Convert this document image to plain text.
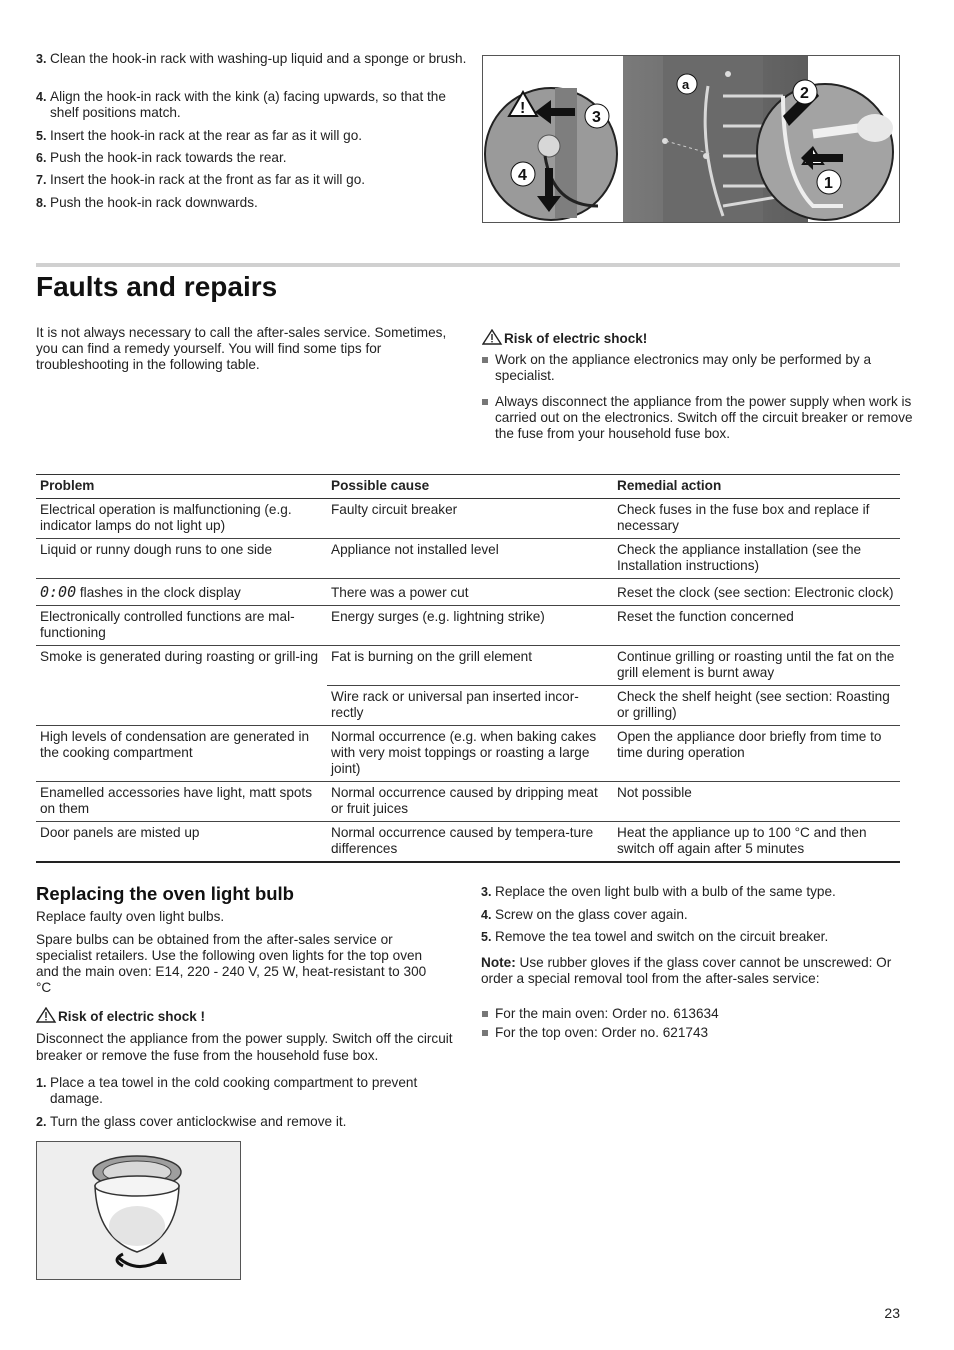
3. Clean the hook-in rack with washing-up liquid and a sponge or brush.
4. Align the hook-in rack with the kink (a) facing upwards, so that the shelf positions match.
5. Insert the hook-in rack at the rear as far as it will go.
6. Push the hook-in rack towards the rear.
7. Insert the hook-in rack at the front as far as it will go.
8. Push the hook-in rack downwards.
!
3
4
2
1
a
Faults and repairs
It is not always necessary to call the after-sales service. Sometimes, you can find a remedy yourself. You will find some tips for troubleshooting in the following table.
Risk of electric shock!
Work on the appliance electronics may only be performed by a specialist.
Always disconnect the appliance from the power supply when work is carried out on the electronics. Switch off the circuit breaker or remove the fuse from your household fuse box.
Problem	Possible cause	Remedial action
Electrical operation is malfunctioning (e.g. indicator lamps do not light up)	Faulty circuit breaker	Check fuses in the fuse box and replace if necessary
Liquid or runny dough runs to one side	Appliance not installed level	Check the appliance installation (see the Installation instructions)
0:00 flashes in the clock display	There was a power cut	Reset the clock (see section: Electronic clock)
Electronically controlled functions are mal-functioning	Energy surges (e.g. lightning strike)	Reset the function concerned
Smoke is generated during roasting or grill-ing	Fat is burning on the grill element	Continue grilling or roasting until the fat on the grill element is burnt away
	Wire rack or universal pan inserted incor-rectly	Check the shelf height (see section: Roasting or grilling)
High levels of condensation are generated in the cooking compartment	Normal occurrence (e.g. when baking cakes with very moist toppings or roasting a large joint)	Open the appliance door briefly from time to time during operation
Enamelled accessories have light, matt spots on them	Normal occurrence caused by dripping meat or fruit juices	Not possible
Door panels are misted up	Normal occurrence caused by tempera-ture differences	Heat the appliance up to 100 °C and then switch off again after 5 minutes
Replacing the oven light bulb
Replace faulty oven light bulbs.
Spare bulbs can be obtained from the after-sales service or specialist retailers. Use the following oven lights for the top oven and the main oven: E14, 220 - 240 V, 25 W, heat-resistant to 300 °C
Risk of electric shock !
Disconnect the appliance from the power supply. Switch off the circuit breaker or remove the fuse from the household fuse box.
1. Place a tea towel in the cold cooking compartment to prevent damage.
2. Turn the glass cover anticlockwise and remove it.
3. Replace the oven light bulb with a bulb of the same type.
4. Screw on the glass cover again.
5. Remove the tea towel and switch on the circuit breaker.
Note: Use rubber gloves if the glass cover cannot be unscrewed: Or order a special removal tool from the after-sales service:
For the main oven: Order no. 613634
For the top oven: Order no. 621743
23
